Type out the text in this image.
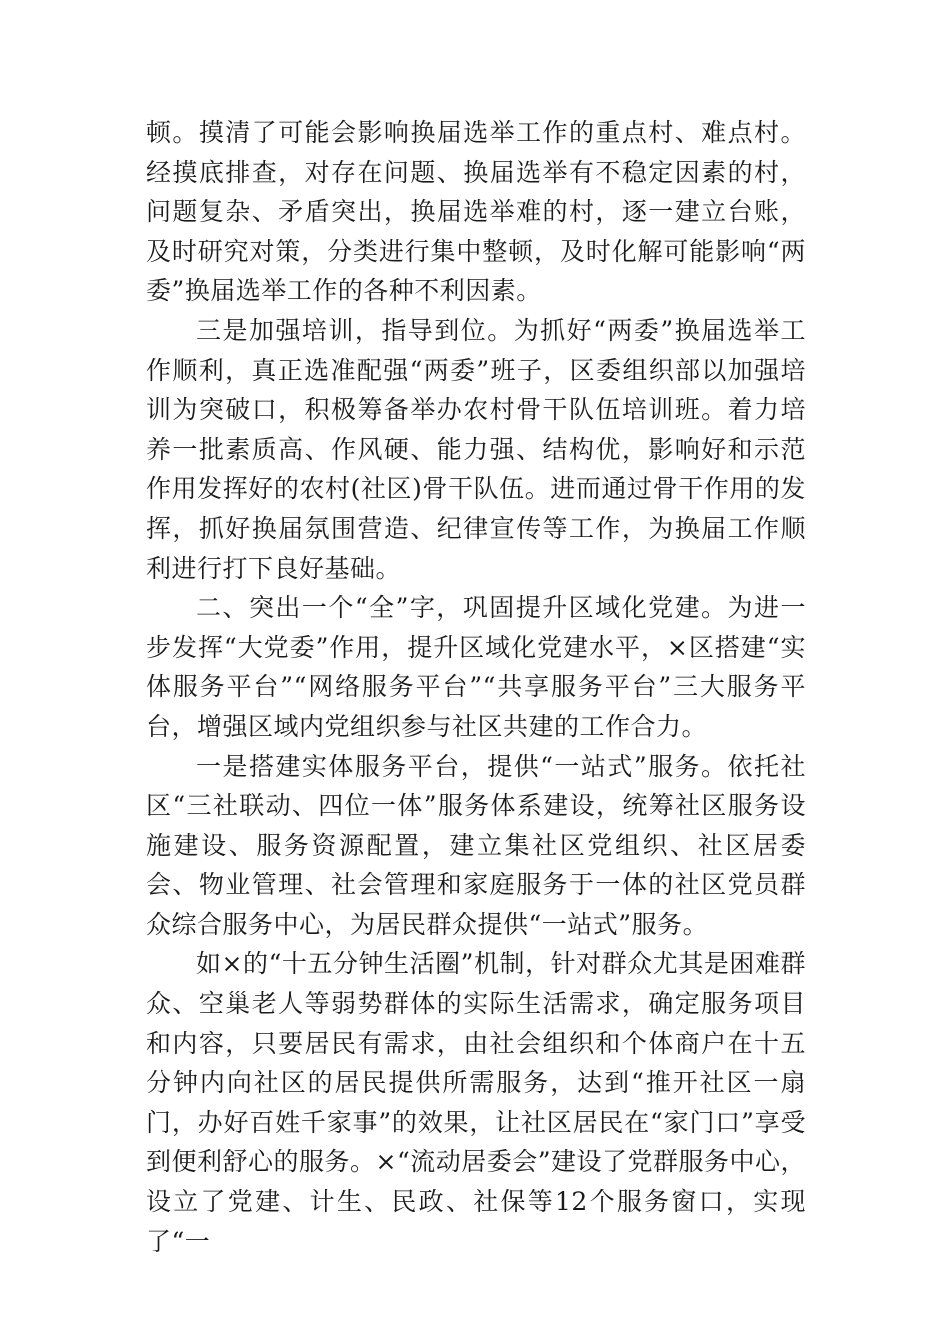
顿。摸清了可能会影响换届选举工作的重点村、难点村。经摸底排查，对存在问题、换届选举有不稳定因素的村，问题复杂、矛盾突出，换届选举难的村，逐一建立台账，及时研究对策，分类进行集中整顿，及时化解可能影响“两委”换届选举工作的各种不利因素。

三是加强培训，指导到位。为抓好“两委”换届选举工作顺利，真正选准配强“两委”班子，区委组织部以加强培训为突破口，积极筹备举办农村骨干队伍培训班。着力培养一批素质高、作风硬、能力强、结构优，影响好和示范作用发挥好的农村(社区)骨干队伍。进而通过骨干作用的发挥，抓好换届氛围营造、纪律宣传等工作，为换届工作顺利进行打下良好基础。

二、突出一个“全”字，巩固提升区域化党建。为进一步发挥“大党委”作用，提升区域化党建水平，×区搭建“实体服务平台”“网络服务平台”“共享服务平台”三大服务平台，增强区域内党组织参与社区共建的工作合力。

一是搭建实体服务平台，提供“一站式”服务。依托社区“三社联动、四位一体”服务体系建设，统筹社区服务设施建设、服务资源配置，建立集社区党组织、社区居委会、物业管理、社会管理和家庭服务于一体的社区党员群众综合服务中心，为居民群众提供“一站式”服务。

如×的“十五分钟生活圈”机制，针对群众尤其是困难群众、空巢老人等弱势群体的实际生活需求，确定服务项目和内容，只要居民有需求，由社会组织和个体商户在十五分钟内向社区的居民提供所需服务，达到“推开社区一扇门，办好百姓千家事”的效果，让社区居民在“家门口”享受到便利舒心的服务。×“流动居委会”建设了党群服务中心，设立了党建、计生、民政、社保等12个服务窗口，实现了“一
